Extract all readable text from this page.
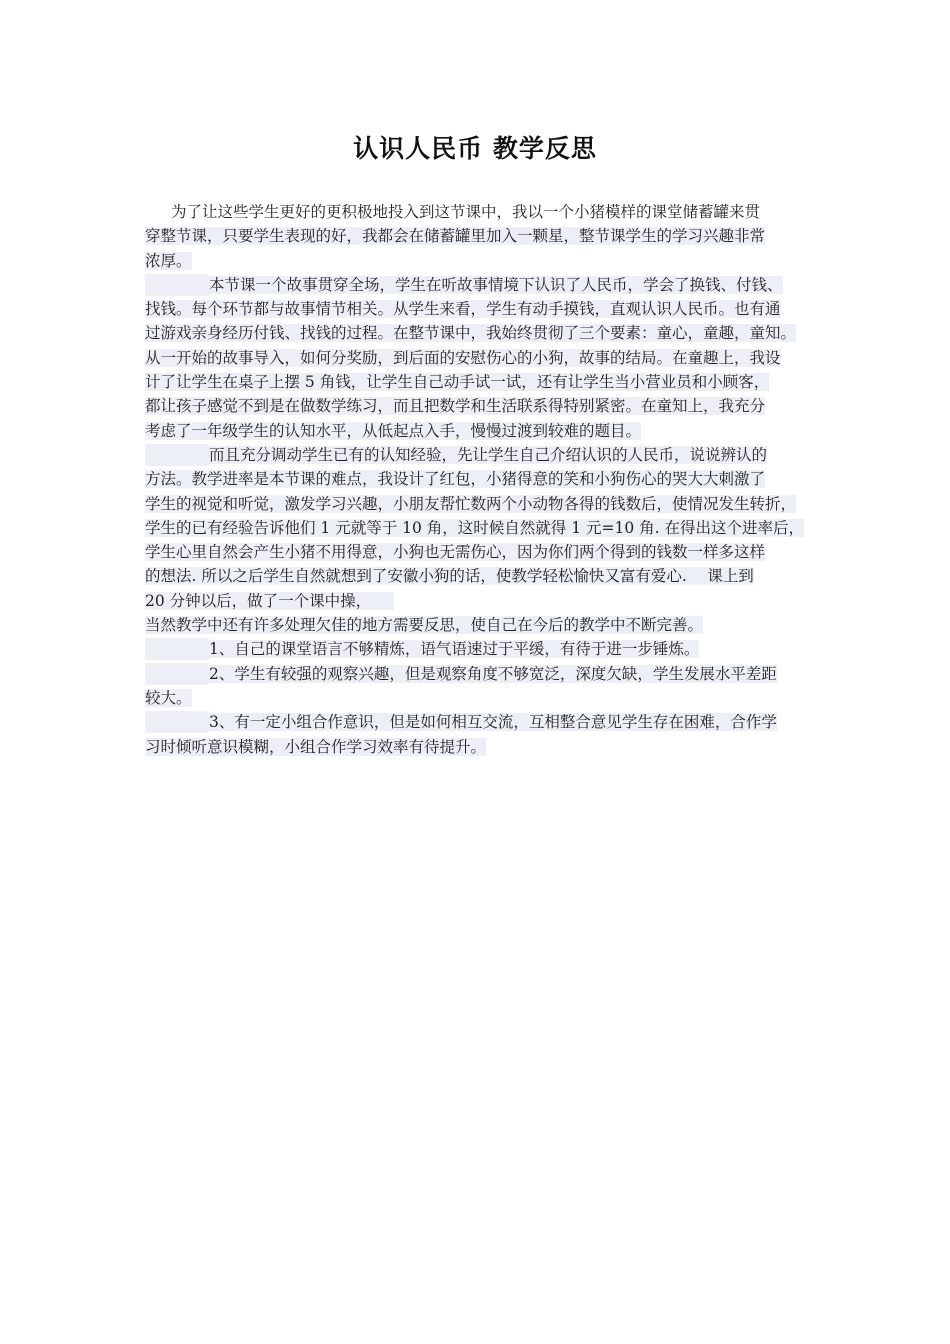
认识人民币 教学反思
为了让这些学生更好的更积极地投入到这节课中，我以一个小猪模样的课堂储蓄罐来贯
穿整节课，只要学生表现的好，我都会在储蓄罐里加入一颗星，整节课学生的学习兴趣非常
浓厚。
本节课一个故事贯穿全场，学生在听故事情境下认识了人民币，学会了换钱、付钱、
找钱。每个环节都与故事情节相关。从学生来看，学生有动手摸钱，直观认识人民币。也有通
过游戏亲身经历付钱、找钱的过程。在整节课中，我始终贯彻了三个要素：童心，童趣，童知。
从一开始的故事导入，如何分奖励，到后面的安慰伤心的小狗，故事的结局。在童趣上，我设
计了让学生在桌子上摆 5 角钱，让学生自己动手试一试，还有让学生当小营业员和小顾客，
都让孩子感觉不到是在做数学练习，而且把数学和生活联系得特别紧密。在童知上，我充分
考虑了一年级学生的认知水平，从低起点入手，慢慢过渡到较难的题目。
而且充分调动学生已有的认知经验，先让学生自己介绍认识的人民币，说说辨认的
方法。教学进率是本节课的难点，我设计了红包，小猪得意的笑和小狗伤心的哭大大刺激了
学生的视觉和听觉，激发学习兴趣，小朋友帮忙数两个小动物各得的钱数后，使情况发生转折，
学生的已有经验告诉他们 1 元就等于 10 角，这时候自然就得 1 元=10 角. 在得出这个进率后，
学生心里自然会产生小猪不用得意，小狗也无需伤心，因为你们两个得到的钱数一样多这样
的想法. 所以之后学生自然就想到了安徽小狗的话，使教学轻松愉快又富有爱心.　 课上到
20 分钟以后，做了一个课中操，　　
当然教学中还有许多处理欠佳的地方需要反思，使自己在今后的教学中不断完善。
1、自己的课堂语言不够精炼，语气语速过于平缓，有待于进一步锤炼。
2、学生有较强的观察兴趣，但是观察角度不够宽泛，深度欠缺，学生发展水平差距
较大。
3、有一定小组合作意识，但是如何相互交流，互相整合意见学生存在困难，合作学
习时倾听意识模糊，小组合作学习效率有待提升。
